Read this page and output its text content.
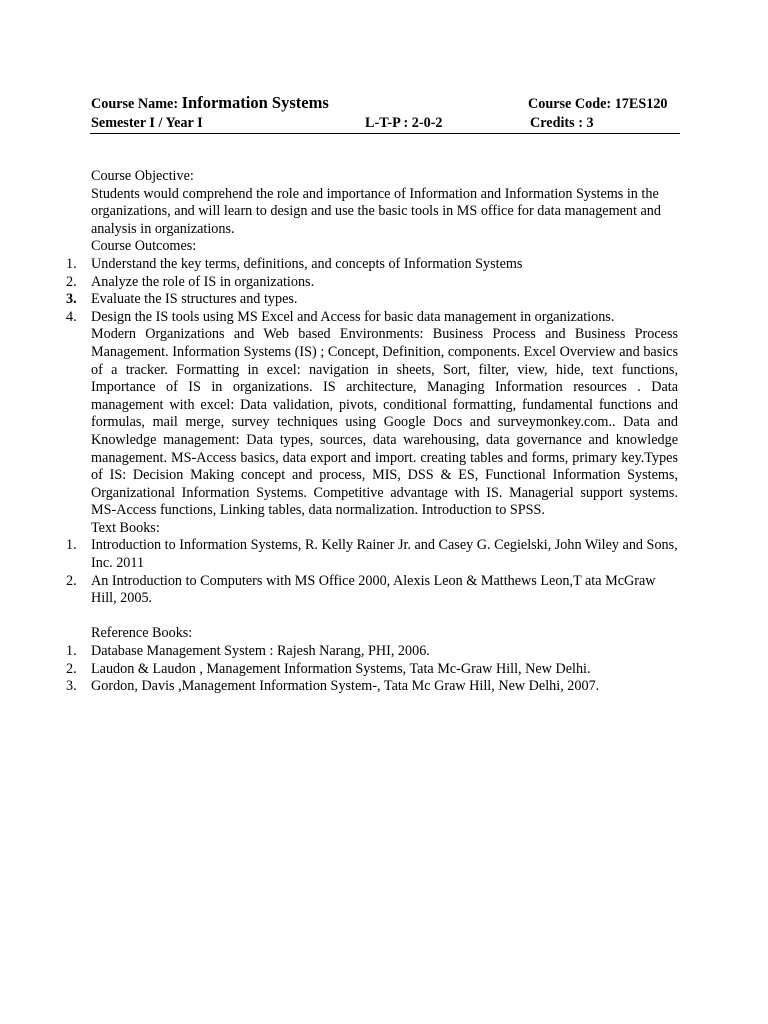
Course Name: Information Systems	Course Code: 17ES120
Semester I / Year I	L-T-P : 2-0-2	Credits : 3

Course Objective:

Students would comprehend the role and importance of Information and Information Systems in the organizations, and will learn to design and use the basic tools in MS office for data management and analysis in organizations.

Course Outcomes:

1. Understand the key terms, definitions, and concepts of Information Systems
2. Analyze the role of IS in organizations.
3. Evaluate the IS structures and types.
4. Design the IS tools using MS Excel and Access for basic data management in organizations.

Modern Organizations and Web based Environments: Business Process and Business Process Management. Information Systems (IS) ; Concept, Definition, components. Excel Overview and basics of a tracker. Formatting in excel: navigation in sheets, Sort, filter, view, hide, text functions, Importance of IS in organizations. IS architecture, Managing Information resources . Data management with excel: Data validation, pivots, conditional formatting, fundamental functions and formulas, mail merge, survey techniques using Google Docs and surveymonkey.com.. Data and Knowledge management: Data types, sources, data warehousing, data governance and knowledge management. MS-Access basics, data export and import. creating tables and forms, primary key.Types of IS: Decision Making concept and process, MIS, DSS & ES, Functional Information Systems, Organizational Information Systems. Competitive advantage with IS. Managerial support systems. MS-Access functions, Linking tables, data normalization. Introduction to SPSS.

Text Books:

1. Introduction to Information Systems, R. Kelly Rainer Jr. and Casey G. Cegielski, John Wiley and Sons, Inc. 2011
2. An Introduction to Computers with MS Office 2000, Alexis Leon & Matthews Leon,T ata McGraw Hill, 2005.

Reference Books:

1. Database Management System : Rajesh Narang, PHI, 2006.
2. Laudon & Laudon , Management Information Systems, Tata Mc-Graw Hill, New Delhi.
3. Gordon, Davis ,Management Information System-, Tata Mc Graw Hill, New Delhi, 2007.
